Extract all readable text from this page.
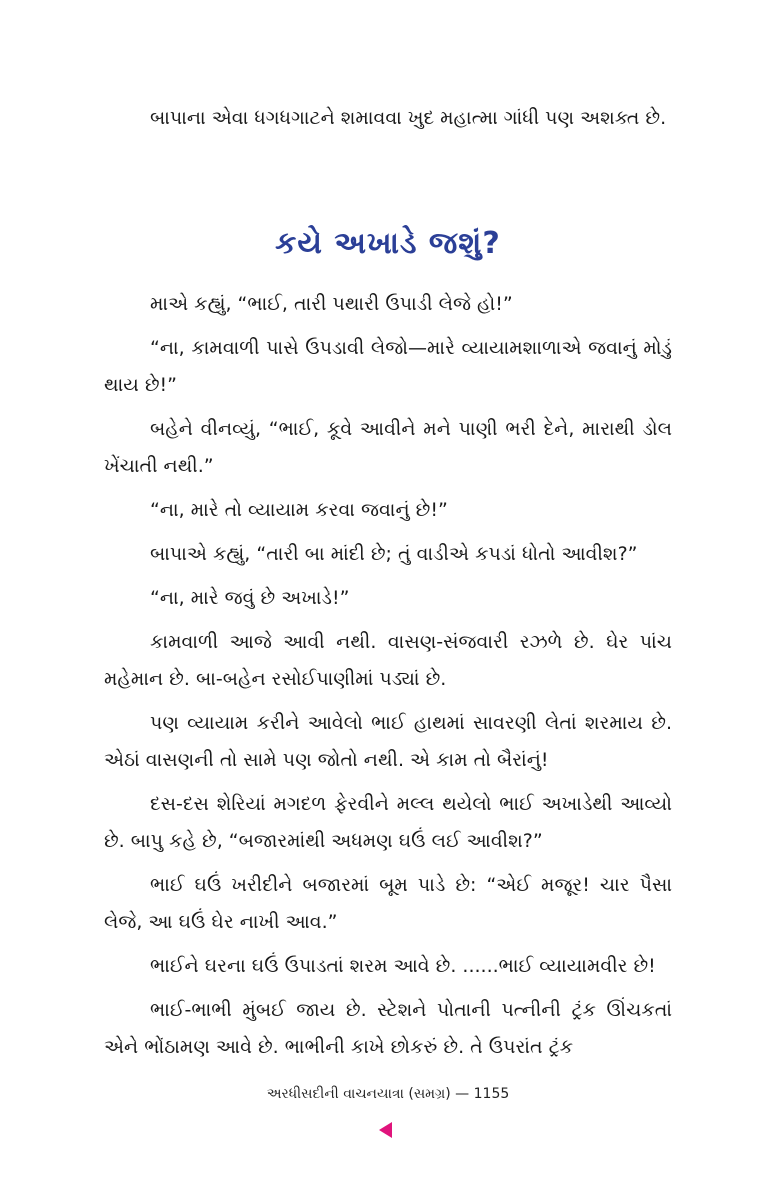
બાપાના એવા ધગધગાટને શમાવવા ખુદ મહાત્મા ગાંધી પણ અશક્ત છે.

કયે અખાડે જશું?

માએ કહ્યું, “ભાઈ, તારી પથારી ઉપાડી લેજે હો!”

“ના, કામવાળી પાસે ઉપડાવી લેજો—મારે વ્યાયામશાળાએ જવાનું મોડું થાય છે!”

બહેને વીનવ્યું, “ભાઈ, કૂવે આવીને મને પાણી ભરી દેને, મારાથી ડોલ ખેંચાતી નથી.”

“ના, મારે તો વ્યાયામ કરવા જવાનું છે!”

બાપાએ કહ્યું, “તારી બા માંદી છે; તું વાડીએ કપડાં ધોતો આવીશ?”

“ના, મારે જવું છે અખાડે!”

કામવાળી આજે આવી નથી. વાસણ-સંજવારી રઝળે છે. ઘેર પાંચ મહેમાન છે. બા-બહેન રસોઈપાણીમાં પડ્યાં છે.

પણ વ્યાયામ કરીને આવેલો ભાઈ હાથમાં સાવરણી લેતાં શરમાય છે. એઠાં વાસણની તો સામે પણ જોતો નથી. એ કામ તો બૈરાંનું!

દસ-દસ શેરિયાં મગદળ ફેરવીને મલ્લ થયેલો ભાઈ અખાડેથી આવ્યો છે. બાપુ કહે છે, “બજારમાંથી અધમણ ઘઉં લઈ આવીશ?”

ભાઈ ઘઉં ખરીદીને બજારમાં બૂમ પાડે છે: “એઈ મજૂર! ચાર પૈસા લેજે, આ ઘઉં ઘેર નાખી આવ.”

ભાઈને ઘરના ઘઉં ઉપાડતાં શરમ આવે છે. ......ભાઈ વ્યાયામવીર છે!

ભાઈ-ભાભી મુંબઈ જાય છે. સ્ટેશને પોતાની પત્નીની ટ્રંક ઊંચકતાં એને ભોંઠામણ આવે છે. ભાભીની કાખે છોકરું છે. તે ઉપરાંત ટ્રંક

અરધીસદીની વાચનયાત્રા (સમગ્ર) — 1155
